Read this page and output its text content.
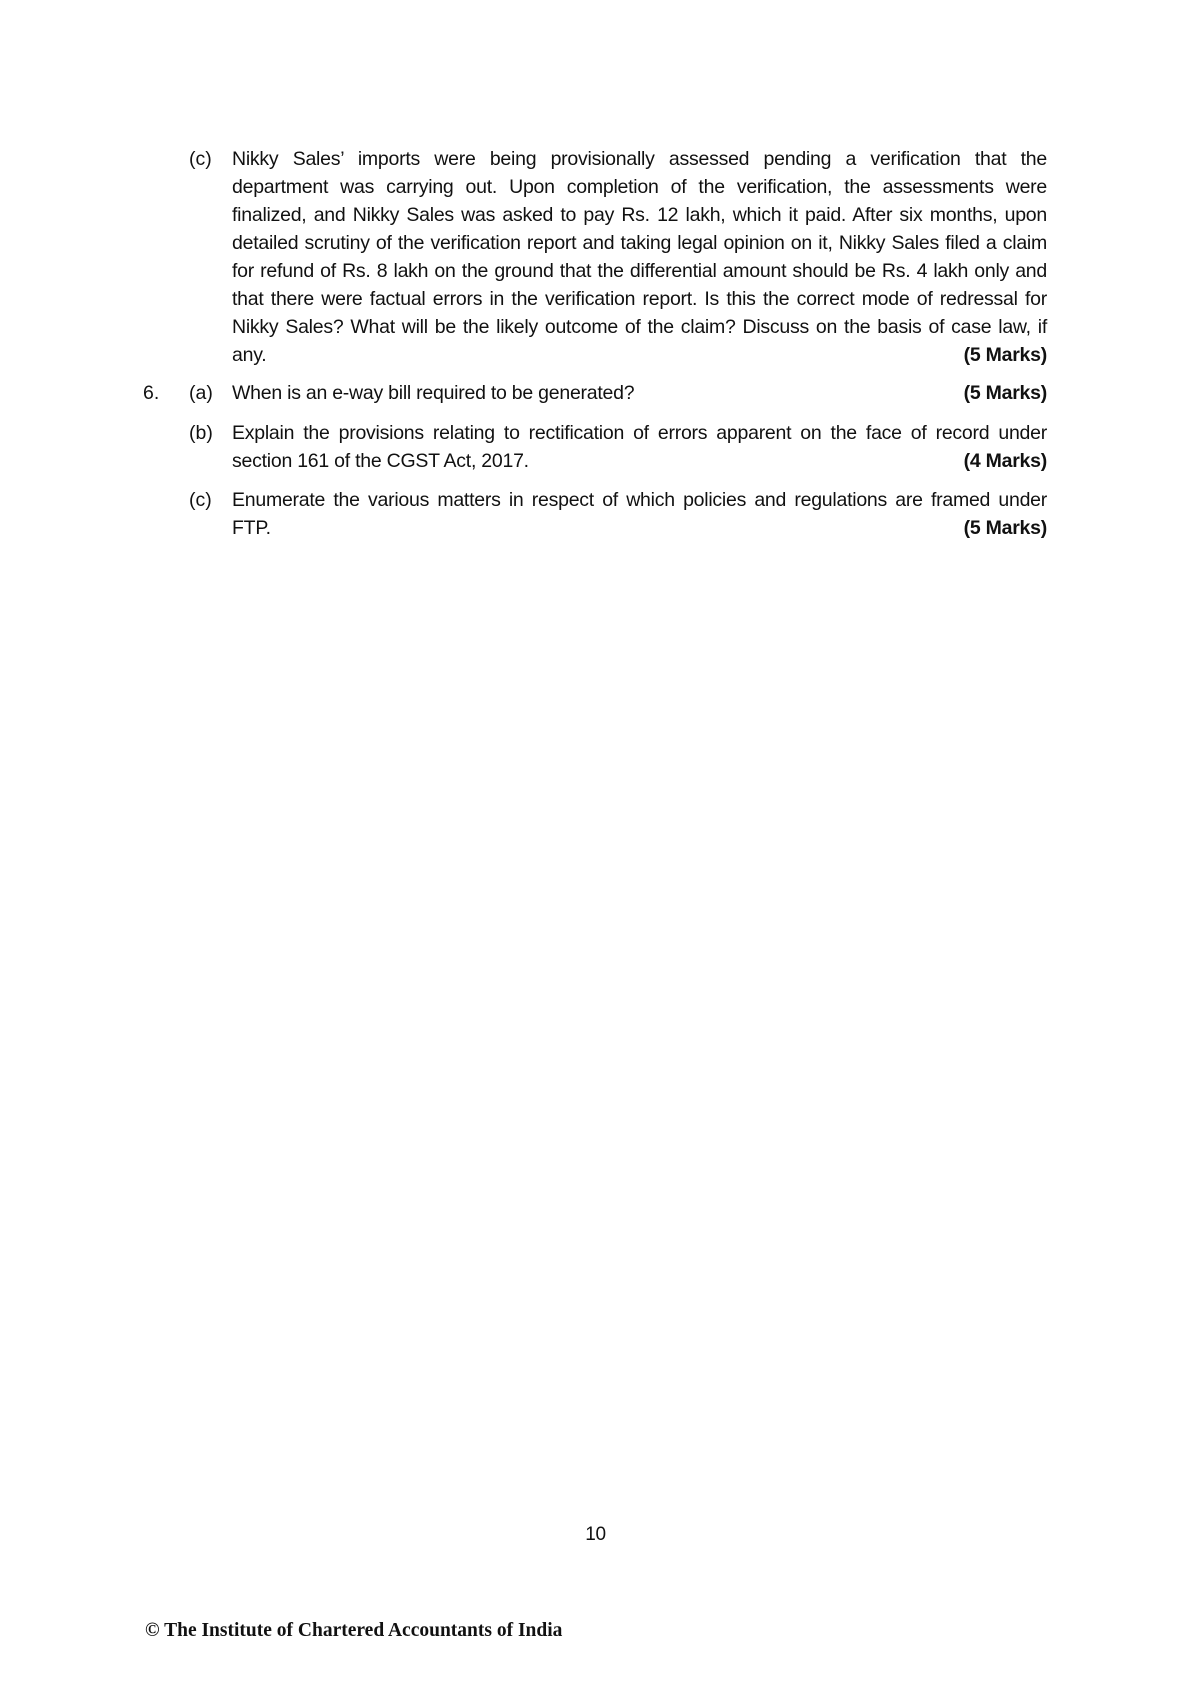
(c)	Nikky Sales’ imports were being provisionally assessed pending a verification that the department was carrying out. Upon completion of the verification, the assessments were finalized, and Nikky Sales was asked to pay Rs. 12 lakh, which it paid. After six months, upon detailed scrutiny of the verification report and taking legal opinion on it, Nikky Sales filed a claim for refund of Rs. 8 lakh on the ground that the differential amount should be Rs. 4 lakh only and that there were factual errors in the verification report. Is this the correct mode of redressal for Nikky Sales? What will be the likely outcome of the claim? Discuss on the basis of case law, if any.	(5 Marks)
6.	(a) When is an e-way bill required to be generated?	(5 Marks)
(b) Explain the provisions relating to rectification of errors apparent on the face of record under section 161 of the CGST Act, 2017.	(4 Marks)
(c)	Enumerate the various matters in respect of which policies and regulations are framed under FTP.	(5 Marks)
10
© The Institute of Chartered Accountants of India
